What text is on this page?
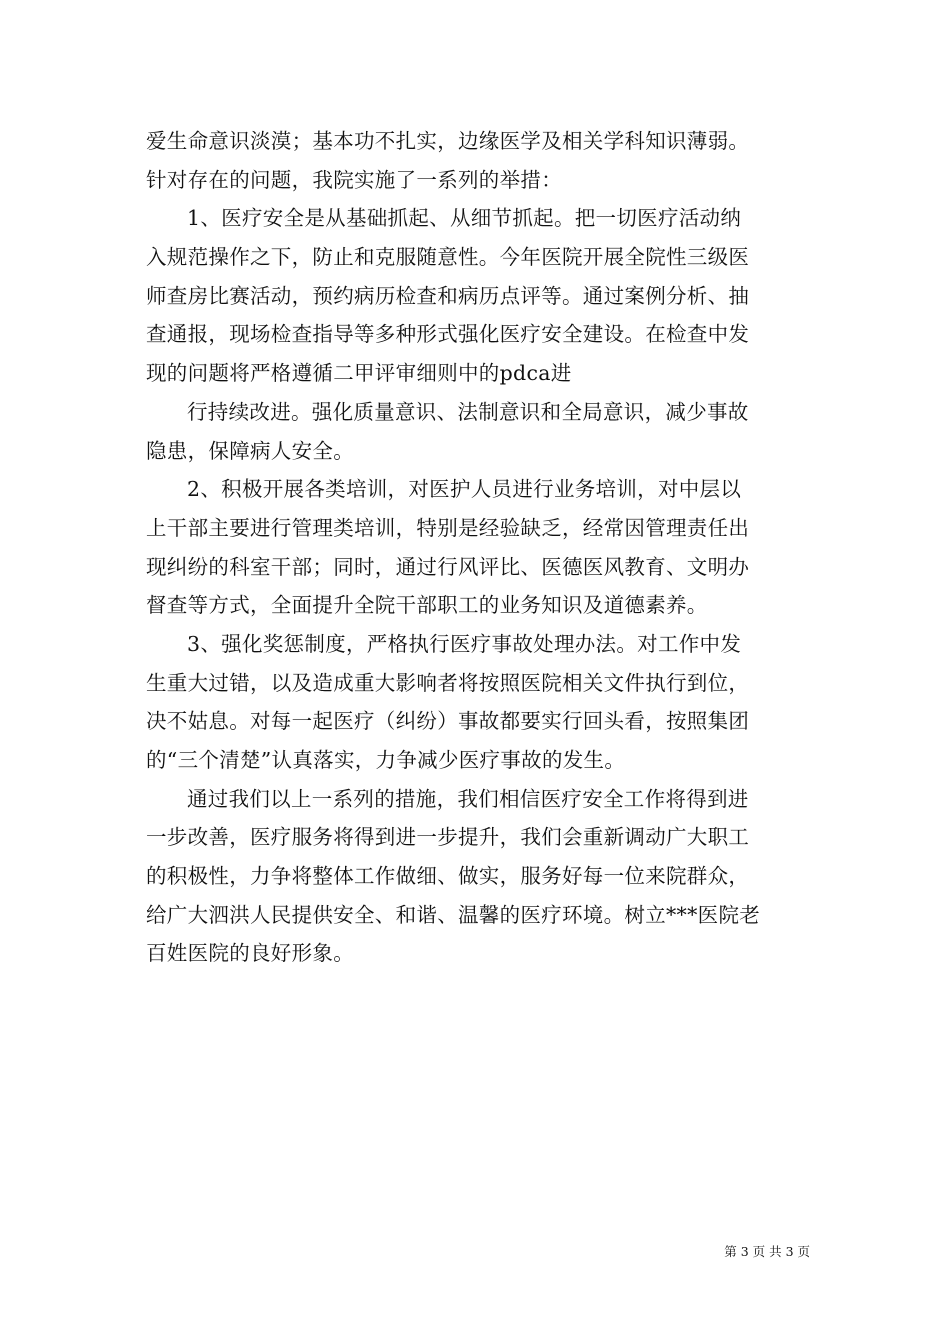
爱生命意识淡漠；基本功不扎实，边缘医学及相关学科知识薄弱。
针对存在的问题，我院实施了一系列的举措：
1、医疗安全是从基础抓起、从细节抓起。把一切医疗活动纳
入规范操作之下，防止和克服随意性。今年医院开展全院性三级医
师查房比赛活动，预约病历检查和病历点评等。通过案例分析、抽
查通报，现场检查指导等多种形式强化医疗安全建设。在检查中发
现的问题将严格遵循二甲评审细则中的pdca进
行持续改进。强化质量意识、法制意识和全局意识，减少事故
隐患，保障病人安全。
2、积极开展各类培训，对医护人员进行业务培训，对中层以
上干部主要进行管理类培训，特别是经验缺乏，经常因管理责任出
现纠纷的科室干部；同时，通过行风评比、医德医风教育、文明办
督查等方式，全面提升全院干部职工的业务知识及道德素养。
3、强化奖惩制度，严格执行医疗事故处理办法。对工作中发
生重大过错，以及造成重大影响者将按照医院相关文件执行到位，
决不姑息。对每一起医疗（纠纷）事故都要实行回头看，按照集团
的“三个清楚”认真落实，力争减少医疗事故的发生。
通过我们以上一系列的措施，我们相信医疗安全工作将得到进
一步改善，医疗服务将得到进一步提升，我们会重新调动广大职工
的积极性，力争将整体工作做细、做实，服务好每一位来院群众，
给广大泗洪人民提供安全、和谐、温馨的医疗环境。树立***医院老
百姓医院的良好形象。
第 3 页 共 3 页
